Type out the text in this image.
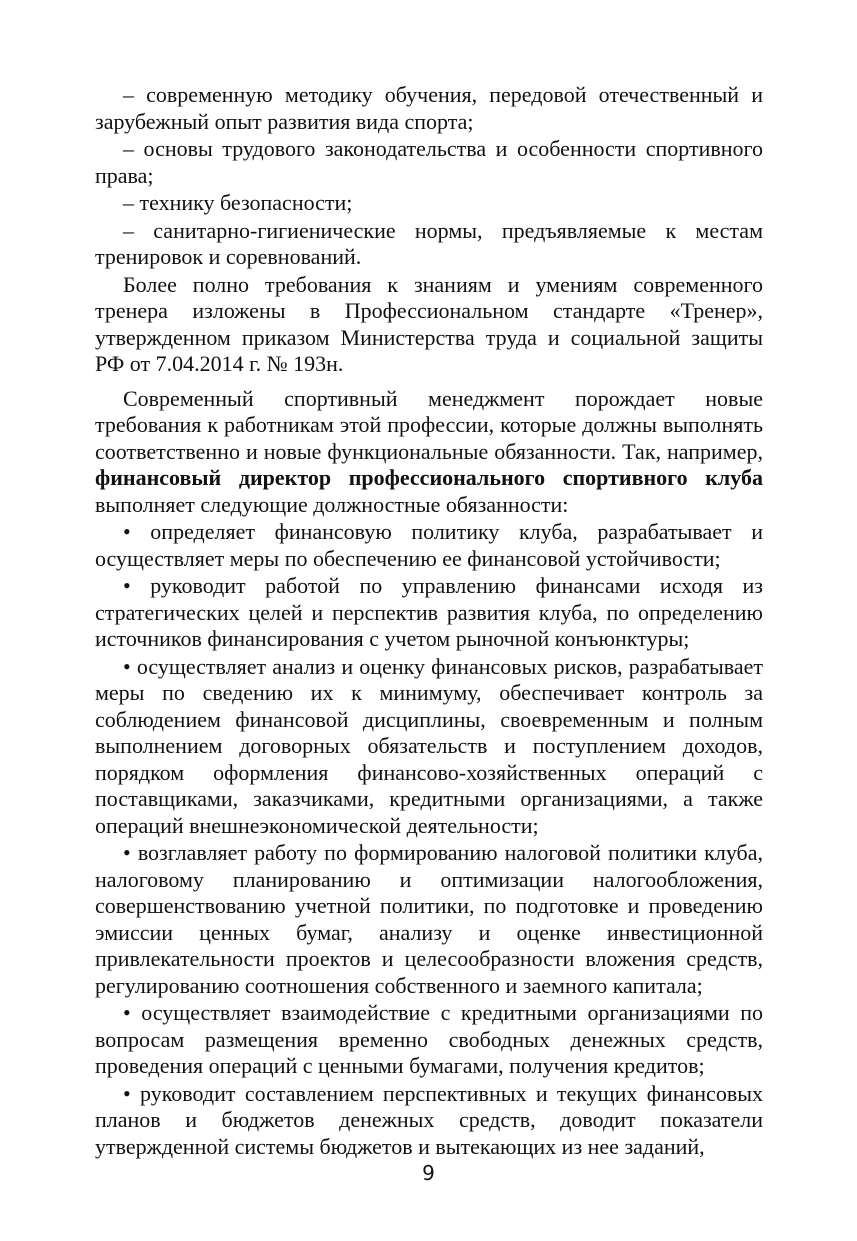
– современную методику обучения, передовой отечественный и зарубежный опыт развития вида спорта;

– основы трудового законодательства и особенности спортивного права;

– технику безопасности;

– санитарно-гигиенические нормы, предъявляемые к местам тренировок и соревнований.

Более полно требования к знаниям и умениям современного тренера изложены в Профессиональном стандарте «Тренер», утвержденном приказом Министерства труда и социальной защиты РФ от 7.04.2014 г. № 193н.

Современный спортивный менеджмент порождает новые требования к работникам этой профессии, которые должны выполнять соответственно и новые функциональные обязанности. Так, например, финансовый директор профессионального спортивного клуба выполняет следующие должностные обязанности:

• определяет финансовую политику клуба, разрабатывает и осуществляет меры по обеспечению ее финансовой устойчивости;

• руководит работой по управлению финансами исходя из стратегических целей и перспектив развития клуба, по определению источников финансирования с учетом рыночной конъюнктуры;

• осуществляет анализ и оценку финансовых рисков, разрабатывает меры по сведению их к минимуму, обеспечивает контроль за соблюдением финансовой дисциплины, своевременным и полным выполнением договорных обязательств и поступлением доходов, порядком оформления финансово-хозяйственных операций с поставщиками, заказчиками, кредитными организациями, а также операций внешнеэкономической деятельности;

• возглавляет работу по формированию налоговой политики клуба, налоговому планированию и оптимизации налогообложения, совершенствованию учетной политики, по подготовке и проведению эмиссии ценных бумаг, анализу и оценке инвестиционной привлекательности проектов и целесообразности вложения средств, регулированию соотношения собственного и заемного капитала;

• осуществляет взаимодействие с кредитными организациями по вопросам размещения временно свободных денежных средств, проведения операций с ценными бумагами, получения кредитов;

• руководит составлением перспективных и текущих финансовых планов и бюджетов денежных средств, доводит показатели утвержденной системы бюджетов и вытекающих из нее заданий,

9
